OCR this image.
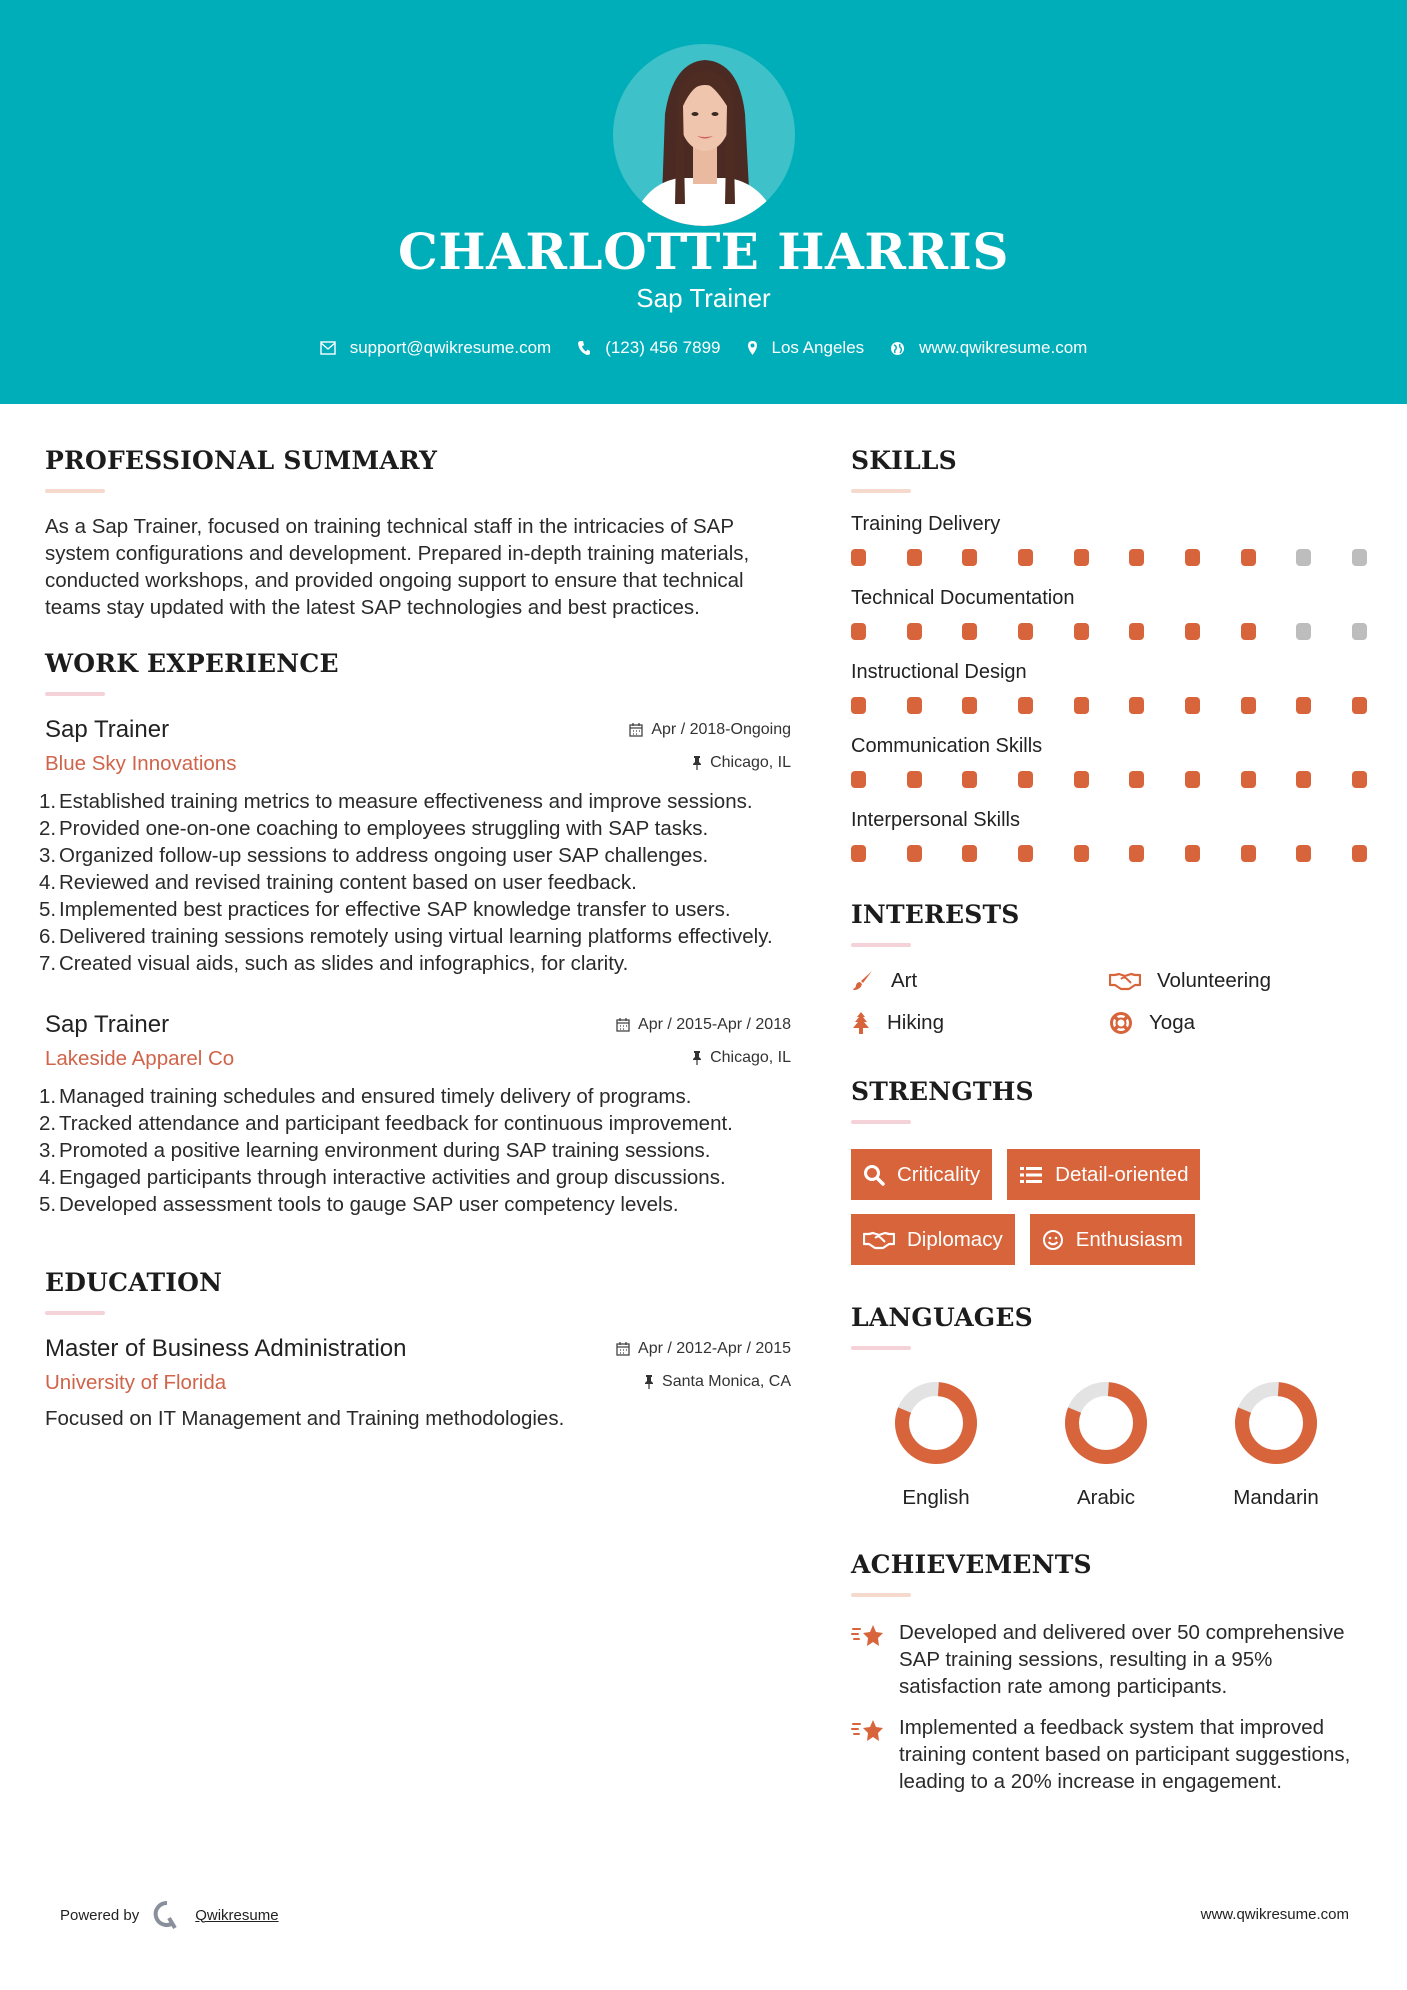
CHARLOTTE HARRIS
Sap Trainer
support@qwikresume.com	(123) 456 7899	Los Angeles	www.qwikresume.com
PROFESSIONAL SUMMARY

As a Sap Trainer, focused on training technical staff in the intricacies of SAP system configurations and development. Prepared in-depth training materials, conducted workshops, and provided ongoing support to ensure that technical teams stay updated with the latest SAP technologies and best practices.

WORK EXPERIENCE
Sap Trainer	Apr / 2018-Ongoing
Blue Sky Innovations	Chicago, IL
1. Established training metrics to measure effectiveness and improve sessions.
2. Provided one-on-one coaching to employees struggling with SAP tasks.
3. Organized follow-up sessions to address ongoing user SAP challenges.
4. Reviewed and revised training content based on user feedback.
5. Implemented best practices for effective SAP knowledge transfer to users.
6. Delivered training sessions remotely using virtual learning platforms effectively.
7. Created visual aids, such as slides and infographics, for clarity.
Sap Trainer	Apr / 2015-Apr / 2018
Lakeside Apparel Co	Chicago, IL
1. Managed training schedules and ensured timely delivery of programs.
2. Tracked attendance and participant feedback for continuous improvement.
3. Promoted a positive learning environment during SAP training sessions.
4. Engaged participants through interactive activities and group discussions.
5. Developed assessment tools to gauge SAP user competency levels.
EDUCATION
Master of Business Administration	Apr / 2012-Apr / 2015
University of Florida	Santa Monica, CA

Focused on IT Management and Training methodologies.

SKILLS
Training Delivery
Technical Documentation
Instructional Design
Communication Skills
Interpersonal Skills
INTERESTS
Art	Volunteering
Hiking	Yoga
STRENGTHS
Criticality	Detail-oriented
Diplomacy	Enthusiasm
LANGUAGES
English	Arabic	Mandarin
ACHIEVEMENTS
Developed and delivered over 50 comprehensive SAP training sessions, resulting in a 95% satisfaction rate among participants.
Implemented a feedback system that improved training content based on participant suggestions, leading to a 20% increase in engagement.
Powered by	Qwikresume	www.qwikresume.com
